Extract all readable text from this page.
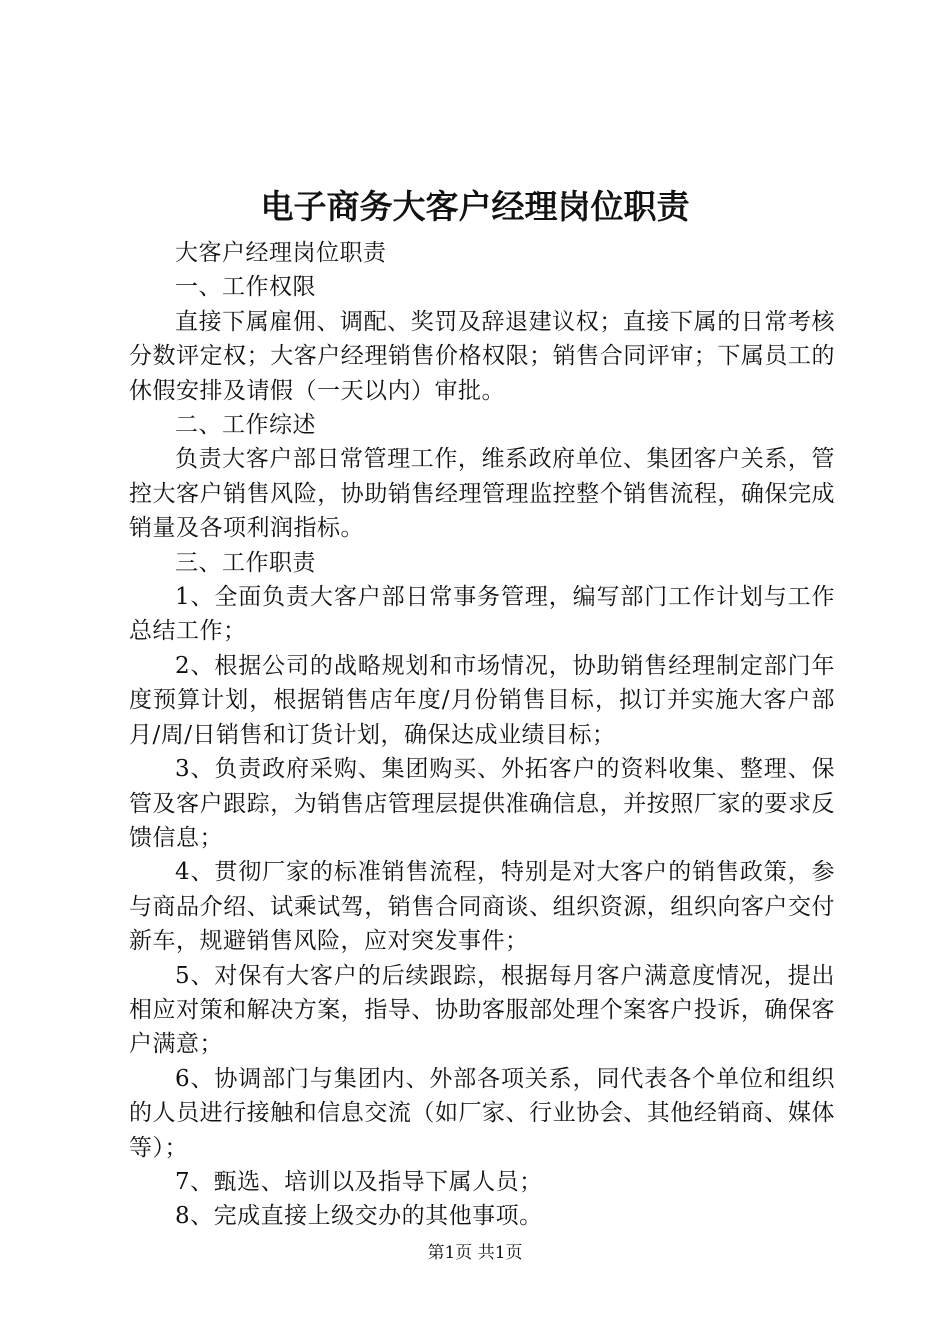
电子商务大客户经理岗位职责

大客户经理岗位职责

一、工作权限

直接下属雇佣、调配、奖罚及辞退建议权；直接下属的日常考核分数评定权；大客户经理销售价格权限；销售合同评审；下属员工的休假安排及请假（一天以内）审批。

二、工作综述

负责大客户部日常管理工作，维系政府单位、集团客户关系，管控大客户销售风险，协助销售经理管理监控整个销售流程，确保完成销量及各项利润指标。

三、工作职责

1、全面负责大客户部日常事务管理，编写部门工作计划与工作总结工作；

2、根据公司的战略规划和市场情况，协助销售经理制定部门年度预算计划，根据销售店年度/月份销售目标，拟订并实施大客户部月/周/日销售和订货计划，确保达成业绩目标；

3、负责政府采购、集团购买、外拓客户的资料收集、整理、保管及客户跟踪，为销售店管理层提供准确信息，并按照厂家的要求反馈信息；

4、贯彻厂家的标准销售流程，特别是对大客户的销售政策，参与商品介绍、试乘试驾，销售合同商谈、组织资源，组织向客户交付新车，规避销售风险，应对突发事件；

5、对保有大客户的后续跟踪，根据每月客户满意度情况，提出相应对策和解决方案，指导、协助客服部处理个案客户投诉，确保客户满意；

6、协调部门与集团内、外部各项关系，同代表各个单位和组织的人员进行接触和信息交流（如厂家、行业协会、其他经销商、媒体等）；

7、甄选、培训以及指导下属人员；

8、完成直接上级交办的其他事项。

第1页 共1页
